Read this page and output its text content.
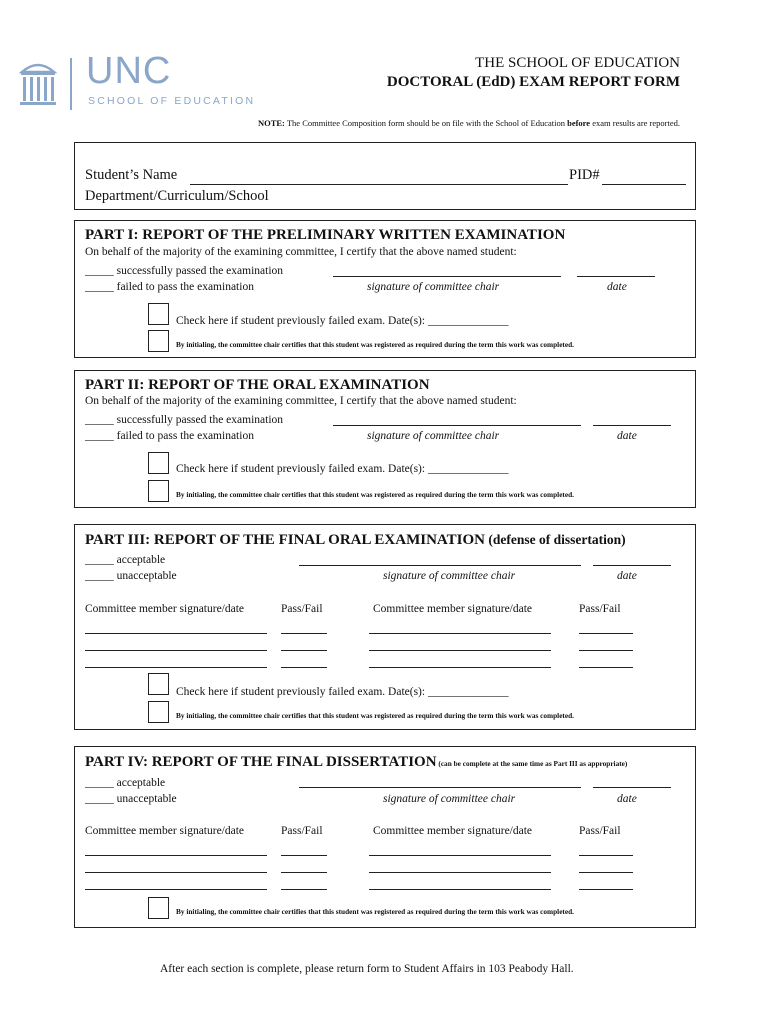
UNC
SCHOOL OF EDUCATION
THE SCHOOL OF EDUCATION
DOCTORAL (EdD) EXAM REPORT FORM
NOTE: The Committee Composition form should be on file with the School of Education before exam results are reported.
Student’s Name	PID#
Department/Curriculum/School
PART I: REPORT OF THE PRELIMINARY WRITTEN EXAMINATION
On behalf of the majority of the examining committee, I certify that the above named student:
_____ successfully passed the examination
_____ failed to pass the examination	signature of committee chair	date
Check here if student previously failed exam. Date(s): ______________
By initialing, the committee chair certifies that this student was registered as required during the term this work was completed.
PART II: REPORT OF THE ORAL EXAMINATION
On behalf of the majority of the examining committee, I certify that the above named student:
_____ successfully passed the examination
_____ failed to pass the examination	signature of committee chair	date
Check here if student previously failed exam. Date(s): ______________
By initialing, the committee chair certifies that this student was registered as required during the term this work was completed.
PART III: REPORT OF THE FINAL ORAL EXAMINATION (defense of dissertation)
_____ acceptable
_____ unacceptable	signature of committee chair	date
Committee member signature/date	Pass/Fail	Committee member signature/date	Pass/Fail
Check here if student previously failed exam. Date(s): ______________
By initialing, the committee chair certifies that this student was registered as required during the term this work was completed.
PART IV: REPORT OF THE FINAL DISSERTATION (can be complete at the same time as Part III as appropriate)
_____ acceptable
_____ unacceptable	signature of committee chair	date
Committee member signature/date	Pass/Fail	Committee member signature/date	Pass/Fail
By initialing, the committee chair certifies that this student was registered as required during the term this work was completed.
After each section is complete, please return form to Student Affairs in 103 Peabody Hall.
